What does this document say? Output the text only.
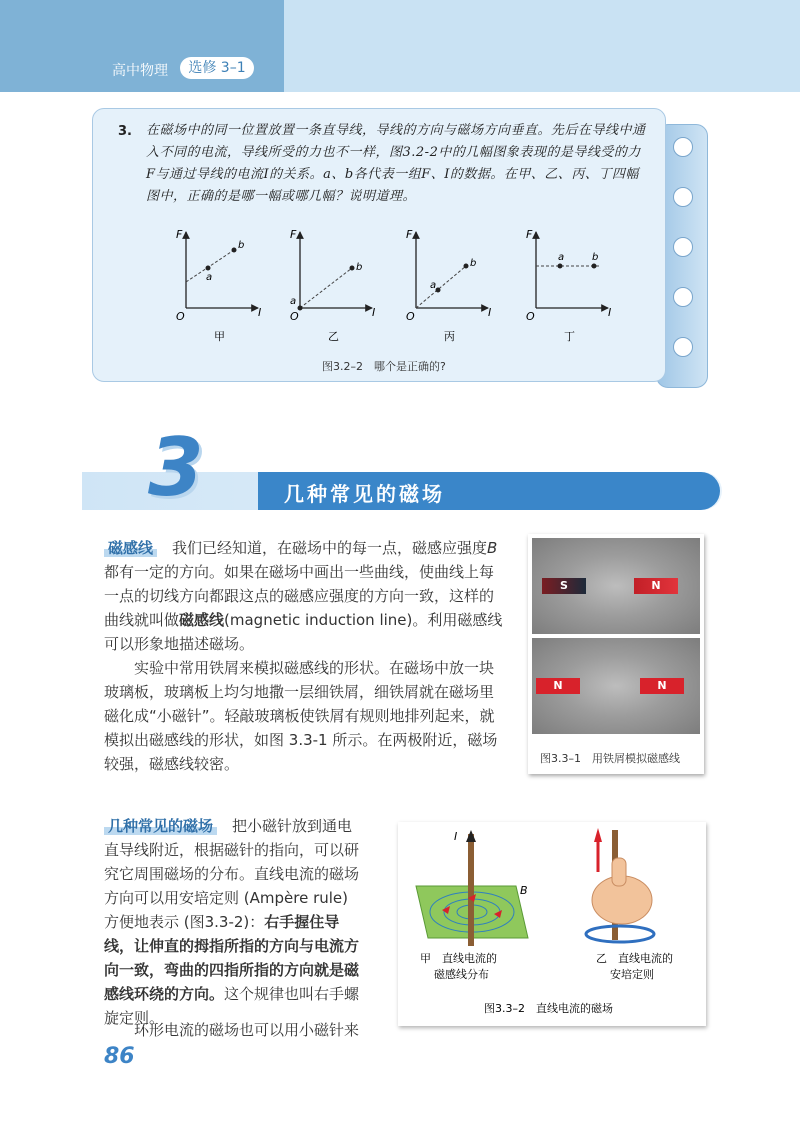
高中物理	选修 3–1
3. 在磁场中的同一位置放置一条直导线，导线的方向与磁场方向垂直。先后在导线中通入不同的电流，导线所受的力也不一样，图3.2-2中的几幅图象表现的是导线受的力F与通过导线的电流I的关系。a、b各代表一组F、I的数据。在甲、乙、丙、丁四幅图中，正确的是哪一幅或哪几幅？说明道理。
F
I
O
a
b
甲
F
I
O
a
b
乙
F
I
O
a
b
丙
F
I
O
a	b
丁
图3.2–2　哪个是正确的?
3	几种常见的磁场

磁感线　我们已经知道，在磁场中的每一点，磁感应强度B都有一定的方向。如果在磁场中画出一些曲线，使曲线上每一点的切线方向都跟这点的磁感应强度的方向一致，这样的曲线就叫做磁感线(magnetic induction line)。利用磁感线可以形象地描述磁场。

实验中常用铁屑来模拟磁感线的形状。在磁场中放一块玻璃板，玻璃板上均匀地撒一层细铁屑，细铁屑就在磁场里磁化成“小磁针”。轻敲玻璃板使铁屑有规则地排列起来，就模拟出磁感线的形状，如图 3.3-1 所示。在两极附近，磁场较强，磁感线较密。

S	N
N	N
图3.3–1　用铁屑模拟磁感线

几种常见的磁场　把小磁针放到通电直导线附近，根据磁针的指向，可以研究它周围磁场的分布。直线电流的磁场方向可以用安培定则 (Ampère rule) 方便地表示 (图3.3-2)：右手握住导线，让伸直的拇指所指的方向与电流方向一致，弯曲的四指所指的方向就是磁感线环绕的方向。这个规律也叫右手螺旋定则。

环形电流的磁场也可以用小磁针来
I
B
甲　直线电流的
磁感线分布
乙　直线电流的
安培定则
图3.3–2　直线电流的磁场
86
